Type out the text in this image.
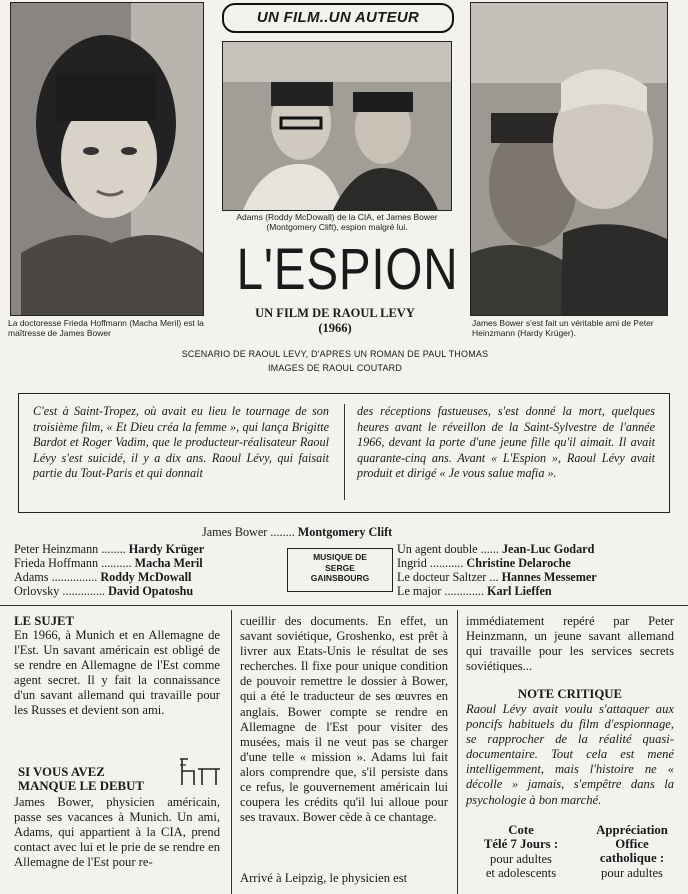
UN FILM..UN AUTEUR
La doctoresse Frieda Hoffmann (Macha Meril) est la maîtresse de James Bower
Adams (Roddy McDowall) de la CIA, et James Bower (Montgomery Clift), espion malgré lui.
James Bower s'est fait un véritable ami de Peter Heinzmann (Hardy Krüger).
L'ESPION
UN FILM DE RAOUL LEVY
(1966)
SCENARIO DE RAOUL LEVY, D'APRES UN ROMAN DE PAUL THOMAS
IMAGES DE RAOUL COUTARD
C'est à Saint-Tropez, où avait eu lieu le tournage de son troisième film, « Et Dieu créa la femme », qui lança Brigitte Bardot et Roger Vadim, que le producteur-réalisateur Raoul Lévy s'est suicidé, il y a dix ans. Raoul Lévy, qui faisait partie du Tout-Paris et qui donnait
des réceptions fastueuses, s'est donné la mort, quelques heures avant le réveillon de la Saint-Sylvestre de l'année 1966, devant la porte d'une jeune fille qu'il aimait. Il avait quarante-cinq ans. Avant « L'Espion », Raoul Lévy avait produit et dirigé « Je vous salue mafia ».
James Bower ........ Montgomery Clift
Peter Heinzmann ........ Hardy Krüger
Frieda Hoffmann .......... Macha Meril
Adams ............... Roddy McDowall
Orlovsky .............. David Opatoshu
MUSIQUE DE
SERGE
GAINSBOURG
Un agent double ...... Jean-Luc Godard
Ingrid ........... Christine Delaroche
Le docteur Saltzer ... Hannes Messemer
Le major ............. Karl Lieffen
LE SUJET

En 1966, à Munich et en Allemagne de l'Est. Un savant américain est obligé de se rendre en Allemagne de l'Est comme agent secret. Il y fait la connaissance d'un savant allemand qui travaille pour les Russes et devient son ami.

SI VOUS AVEZ
MANQUE LE DEBUT
James Bower, physicien américain, passe ses vacances à Munich. Un ami, Adams, qui appartient à la CIA, prend contact avec lui et le prie de se rendre en Allemagne de l'Est pour re-
cueillir des documents. En effet, un savant soviétique, Groshenko, est prêt à livrer aux Etats-Unis le résultat de ses recherches. Il fixe pour unique condition de pouvoir remettre le dossier à Bower, qui a été le traducteur de ses œuvres en anglais. Bower compte se rendre en Allemagne de l'Est pour visiter des musées, mais il ne veut pas se charger d'une telle « mission ». Adams lui fait alors comprendre que, s'il persiste dans ce refus, le gouvernement américain lui coupera les crédits qu'il lui alloue pour ses travaux. Bower cède à ce chantage.
Arrivé à Leipzig, le physicien est
immédiatement repéré par Peter Heinzmann, un jeune savant allemand qui travaille pour les services secrets soviétiques...
NOTE CRITIQUE
Raoul Lévy avait voulu s'attaquer aux poncifs habituels du film d'espionnage, se rapprocher de la réalité quasi-documentaire. Tout cela est mené intelligemment, mais l'histoire ne « décolle » jamais, s'empêtre dans la psychologie à bon marché.
Cote
Télé 7 Jours :
pour adultes
et adolescents
Appréciation
Office
catholique :
pour adultes
